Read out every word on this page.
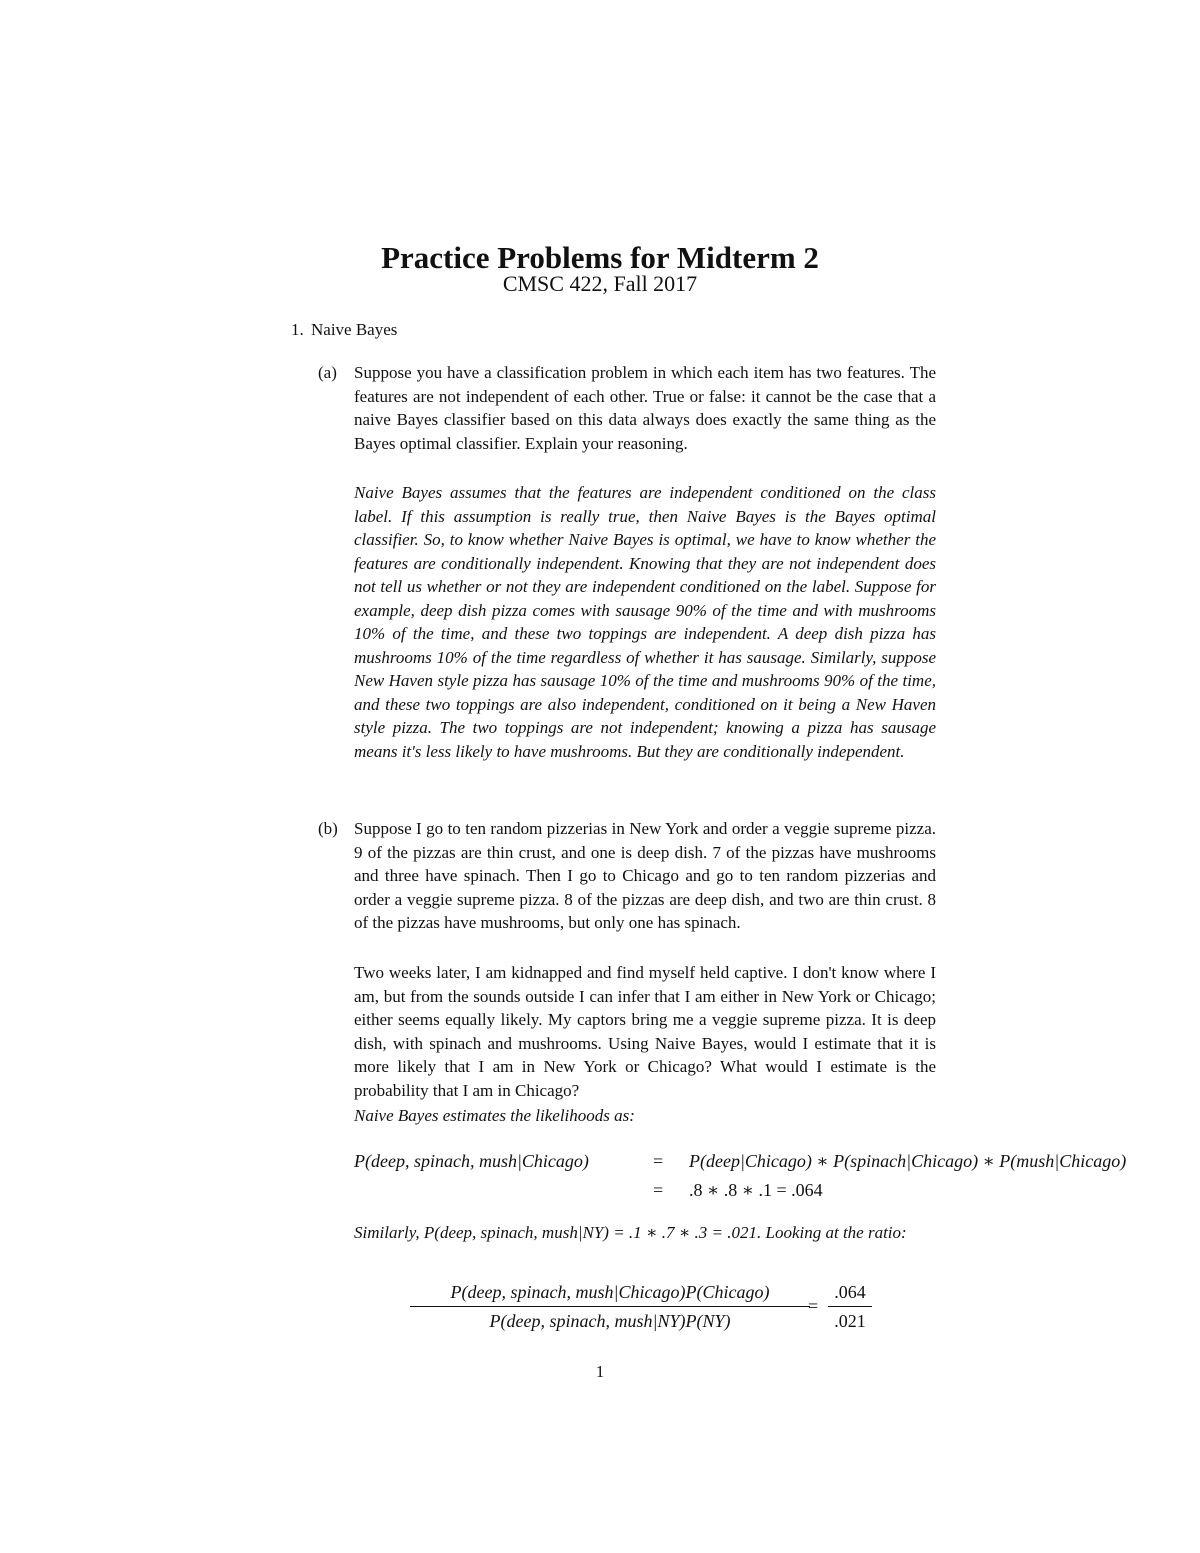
Practice Problems for Midterm 2
CMSC 422, Fall 2017
1. Naive Bayes
(a) Suppose you have a classification problem in which each item has two features. The features are not independent of each other. True or false: it cannot be the case that a naive Bayes classifier based on this data always does exactly the same thing as the Bayes optimal classifier. Explain your reasoning.

Naive Bayes assumes that the features are independent conditioned on the class label. If this assumption is really true, then Naive Bayes is the Bayes optimal classifier. So, to know whether Naive Bayes is optimal, we have to know whether the features are conditionally independent. Knowing that they are not independent does not tell us whether or not they are independent conditioned on the label. Suppose for example, deep dish pizza comes with sausage 90% of the time and with mushrooms 10% of the time, and these two toppings are independent. A deep dish pizza has mushrooms 10% of the time regardless of whether it has sausage. Similarly, suppose New Haven style pizza has sausage 10% of the time and mushrooms 90% of the time, and these two toppings are also independent, conditioned on it being a New Haven style pizza. The two toppings are not independent; knowing a pizza has sausage means it's less likely to have mushrooms. But they are conditionally independent.

(b) Suppose I go to ten random pizzerias in New York and order a veggie supreme pizza. 9 of the pizzas are thin crust, and one is deep dish. 7 of the pizzas have mushrooms and three have spinach. Then I go to Chicago and go to ten random pizzerias and order a veggie supreme pizza. 8 of the pizzas are deep dish, and two are thin crust. 8 of the pizzas have mushrooms, but only one has spinach.

Two weeks later, I am kidnapped and find myself held captive. I don't know where I am, but from the sounds outside I can infer that I am either in New York or Chicago; either seems equally likely. My captors bring me a veggie supreme pizza. It is deep dish, with spinach and mushrooms. Using Naive Bayes, would I estimate that it is more likely that I am in New York or Chicago? What would I estimate is the probability that I am in Chicago?

Naive Bayes estimates the likelihoods as:

P(deep, spinach, mush|Chicago)	= P(deep|Chicago) ∗ P(spinach|Chicago) ∗ P(mush|Chicago)
= .8 ∗ .8 ∗ .1 = .064

Similarly, P(deep, spinach, mush|NY) = .1 ∗ .7 ∗ .3 = .021. Looking at the ratio:

P(deep, spinach, mush|Chicago)P(Chicago)
P(deep, spinach, mush|NY)P(NY)
= $\frac{.064}{.021}$
1
